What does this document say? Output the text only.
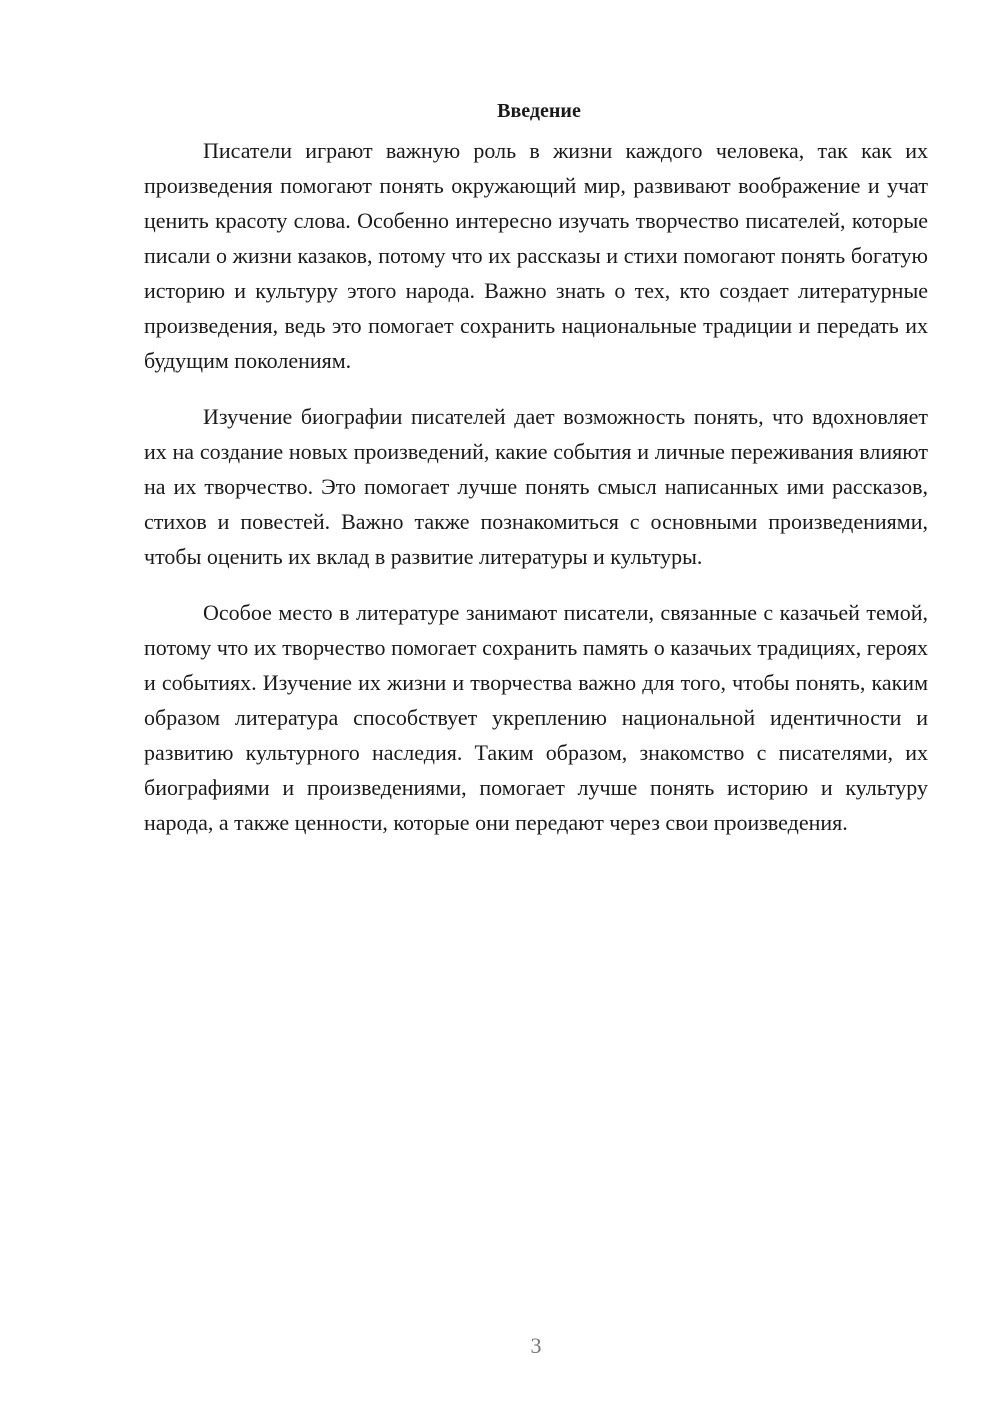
Введение

Писатели играют важную роль в жизни каждого человека, так как их произведения помогают понять окружающий мир, развивают воображение и учат ценить красоту слова. Особенно интересно изучать творчество писателей, которые писали о жизни казаков, потому что их рассказы и стихи помогают понять богатую историю и культуру этого народа. Важно знать о тех, кто создает литературные произведения, ведь это помогает сохранить национальные традиции и передать их будущим поколениям.

Изучение биографии писателей дает возможность понять, что вдохновляет их на создание новых произведений, какие события и личные переживания влияют на их творчество. Это помогает лучше понять смысл написанных ими рассказов, стихов и повестей. Важно также познакомиться с основными произведениями, чтобы оценить их вклад в развитие литературы и культуры.

Особое место в литературе занимают писатели, связанные с казачьей темой, потому что их творчество помогает сохранить память о казачьих традициях, героях и событиях. Изучение их жизни и творчества важно для того, чтобы понять, каким образом литература способствует укреплению национальной идентичности и развитию культурного наследия. Таким образом, знакомство с писателями, их биографиями и произведениями, помогает лучше понять историю и культуру народа, а также ценности, которые они передают через свои произведения.

3
